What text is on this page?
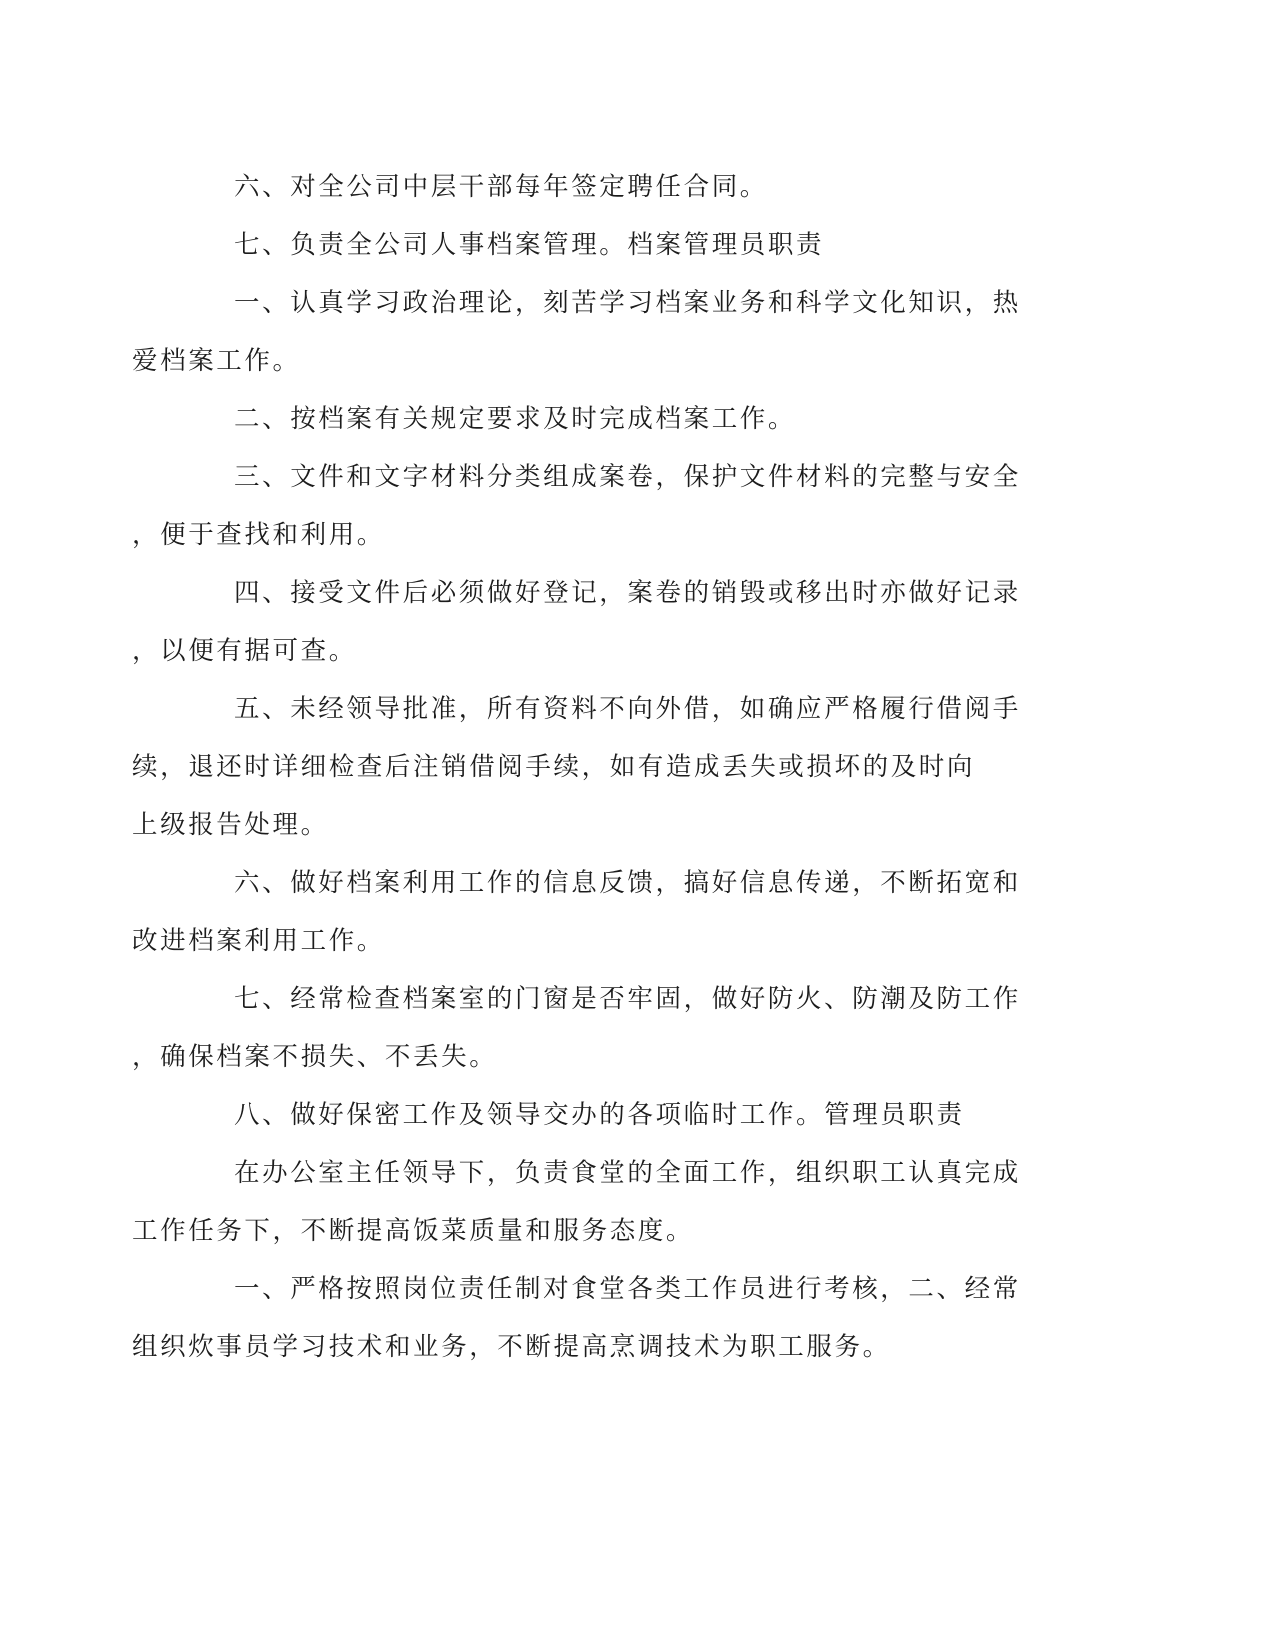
六、对全公司中层干部每年签定聘任合同。

七、负责全公司人事档案管理。档案管理员职责

一、认真学习政治理论，刻苦学习档案业务和科学文化知识，热
爱档案工作。

二、按档案有关规定要求及时完成档案工作。

三、文件和文字材料分类组成案卷，保护文件材料的完整与安全
，便于查找和利用。

四、接受文件后必须做好登记，案卷的销毁或移出时亦做好记录
，以便有据可查。

五、未经领导批准，所有资料不向外借，如确应严格履行借阅手
续，退还时详细检查后注销借阅手续，如有造成丢失或损坏的及时向
上级报告处理。

六、做好档案利用工作的信息反馈，搞好信息传递，不断拓宽和
改进档案利用工作。

七、经常检查档案室的门窗是否牢固，做好防火、防潮及防工作
，确保档案不损失、不丢失。

八、做好保密工作及领导交办的各项临时工作。管理员职责

在办公室主任领导下，负责食堂的全面工作，组织职工认真完成
工作任务下，不断提高饭菜质量和服务态度。

一、严格按照岗位责任制对食堂各类工作员进行考核，二、经常
组织炊事员学习技术和业务，不断提高烹调技术为职工服务。
